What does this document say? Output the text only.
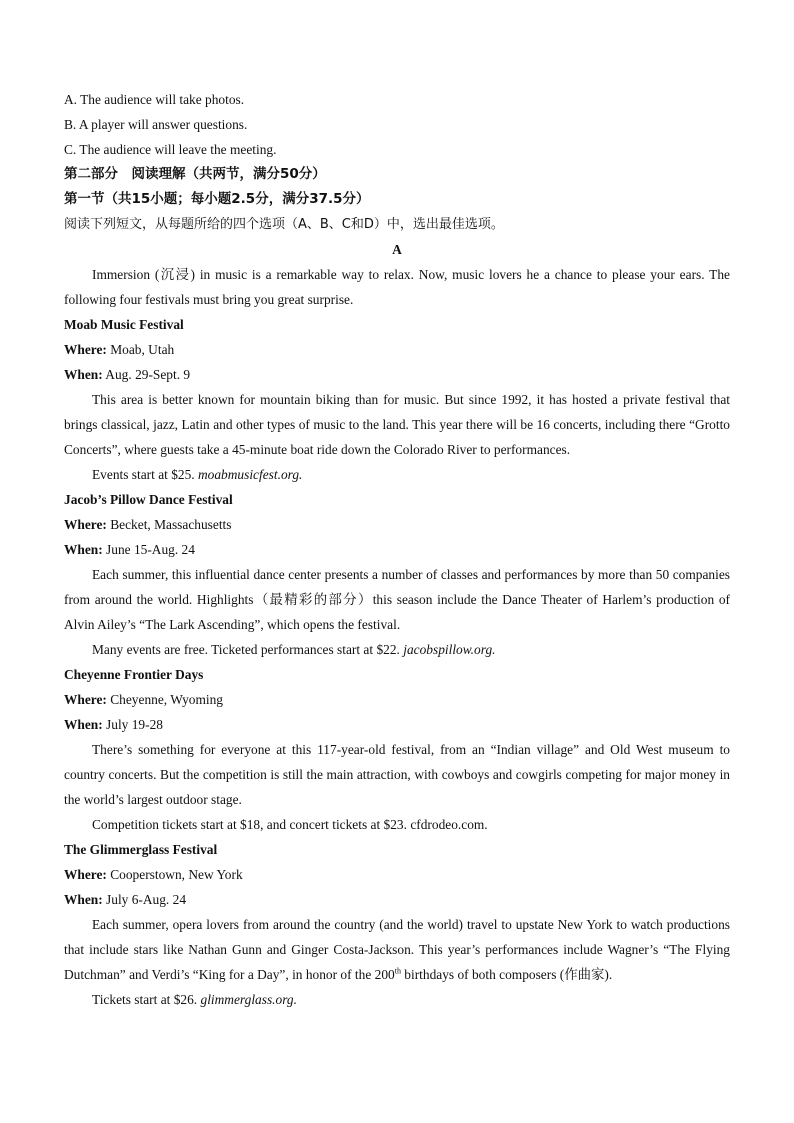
A. The audience will take photos.

B. A player will answer questions.

C. The audience will leave the meeting.

第二部分　阅读理解（共两节，满分50分）

第一节（共15小题；每小题2.5分，满分37.5分）

阅读下列短文，从每题所给的四个选项（A、B、C和D）中，选出最佳选项。

A

Immersion (沉浸) in music is a remarkable way to relax. Now, music lovers he a chance to please your ears. The following four festivals must bring you great surprise.

Moab Music Festival

Where: Moab, Utah

When: Aug. 29-Sept. 9

This area is better known for mountain biking than for music. But since 1992, it has hosted a private festival that brings classical, jazz, Latin and other types of music to the land. This year there will be 16 concerts, including there “Grotto Concerts”, where guests take a 45-minute boat ride down the Colorado River to performances.

Events start at $25. moabmusicfest.org.

Jacob’s Pillow Dance Festival

Where: Becket, Massachusetts

When: June 15-Aug. 24

Each summer, this influential dance center presents a number of classes and performances by more than 50 companies from around the world. Highlights（最精彩的部分）this season include the Dance Theater of Harlem’s production of Alvin Ailey’s “The Lark Ascending”, which opens the festival.

Many events are free. Ticketed performances start at $22. jacobspillow.org.

Cheyenne Frontier Days

Where: Cheyenne, Wyoming

When: July 19-28

There’s something for everyone at this 117-year-old festival, from an “Indian village” and Old West museum to country concerts. But the competition is still the main attraction, with cowboys and cowgirls competing for major money in the world’s largest outdoor stage.

Competition tickets start at $18, and concert tickets at $23. cfdrodeo.com.

The Glimmerglass Festival

Where: Cooperstown, New York

When: July 6-Aug. 24

Each summer, opera lovers from around the country (and the world) travel to upstate New York to watch productions that include stars like Nathan Gunn and Ginger Costa-Jackson. This year’s performances include Wagner’s “The Flying Dutchman” and Verdi’s “King for a Day”, in honor of the 200th birthdays of both composers (作曲家).

Tickets start at $26. glimmerglass.org.
